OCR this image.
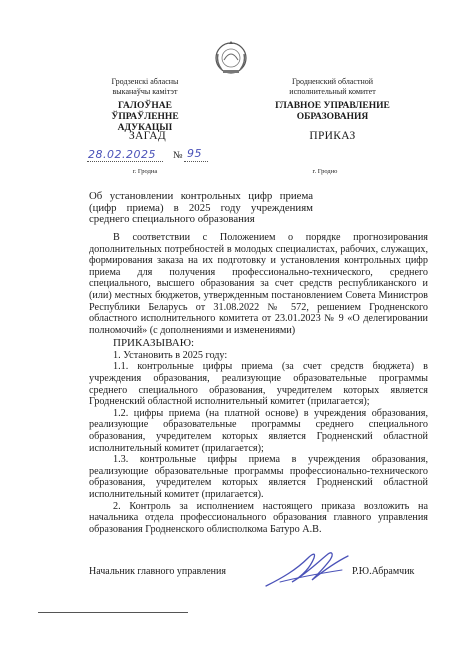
Гродзенскі абласны
выканаўчы камітэт
ГАЛОЎНАЕ ЎПРАЎЛЕННЕ
АДУКАЦЫІ
ЗАГАД
Гродненский областной
исполнительный комитет
ГЛАВНОЕ УПРАВЛЕНИЕ
ОБРАЗОВАНИЯ
ПРИКАЗ
28.02.2025 № 95
г. Гродна	г. Гродно
Об установлении контрольных цифр приема
(цифр приема) в 2025 году учреждениям
среднего специального образования
В соответствии с Положением о порядке прогнозирования дополнительных потребностей в молодых специалистах, рабочих, служащих, формирования заказа на их подготовку и установления контрольных цифр приема для получения профессионально-технического, среднего специального, высшего образования за счет средств республиканского и (или) местных бюджетов, утвержденным постановлением Совета Министров Республики Беларусь от 31.08.2022 № 572, решением Гродненского областного исполнительного комитета от 23.01.2023 № 9 «О делегировании полномочий» (с дополнениями и изменениями)
ПРИКАЗЫВАЮ:
1. Установить в 2025 году:
1.1. контрольные цифры приема (за счет средств бюджета) в учреждения образования, реализующие образовательные программы среднего специального образования, учредителем которых является Гродненский областной исполнительный комитет (прилагается);
1.2. цифры приема (на платной основе) в учреждения образования, реализующие образовательные программы среднего специального образования, учредителем которых является Гродненский областной исполнительный комитет (прилагается);
1.3. контрольные цифры приема в учреждения образования, реализующие образовательные программы профессионально-технического образования, учредителем которых является Гродненский областной исполнительный комитет (прилагается).
2. Контроль за исполнением настоящего приказа возложить на начальника отдела профессионального образования главного управления образования Гродненского облисполкома Батуро А.В.
Начальник главного управления	Р.Ю.Абрамчик
